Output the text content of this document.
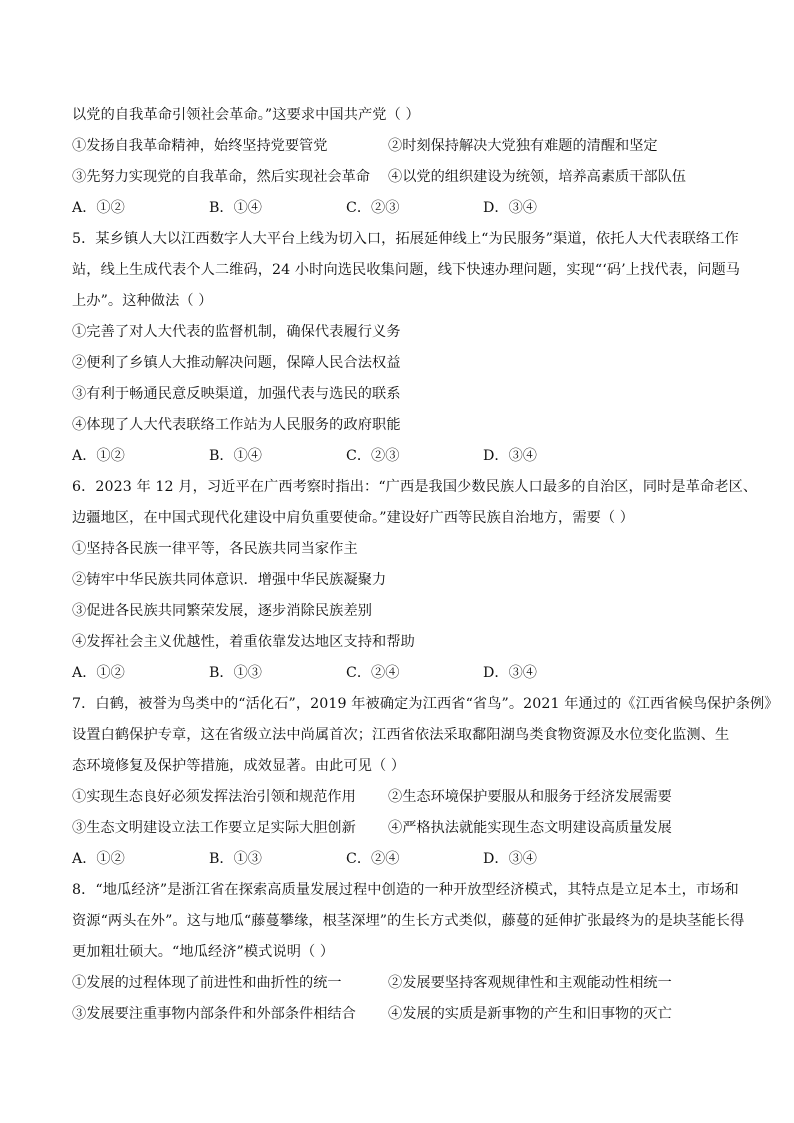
以党的自我革命引领社会革命。”这要求中国共产党（ ）
①发扬自我革命精神，始终坚持党要管党	②时刻保持解决大党独有难题的清醒和坚定
③先努力实现党的自我革命，然后实现社会革命	④以党的组织建设为统领，培养高素质干部队伍
A．①②	B．①④	C．②③	D．③④
5．某乡镇人大以江西数字人大平台上线为切入口，拓展延伸线上“为民服务”渠道，依托人大代表联络工作
站，线上生成代表个人二维码，24 小时向选民收集问题，线下快速办理问题，实现“‘码’上找代表，问题马
上办”。这种做法（ ）
①完善了对人大代表的监督机制，确保代表履行义务
②便利了乡镇人大推动解决问题，保障人民合法权益
③有利于畅通民意反映渠道，加强代表与选民的联系
④体现了人大代表联络工作站为人民服务的政府职能
A．①②	B．①④	C．②③	D．③④
6．2023 年 12 月，习近平在广西考察时指出：“广西是我国少数民族人口最多的自治区，同时是革命老区、
边疆地区，在中国式现代化建设中肩负重要使命。”建设好广西等民族自治地方，需要（ ）
①坚持各民族一律平等，各民族共同当家作主
②铸牢中华民族共同体意识．增强中华民族凝聚力
③促进各民族共同繁荣发展，逐步消除民族差别
④发挥社会主义优越性，着重依靠发达地区支持和帮助
A．①②	B．①③	C．②④	D．③④
7．白鹤，被誉为鸟类中的“活化石”，2019 年被确定为江西省“省鸟”。2021 年通过的《江西省候鸟保护条例》
设置白鹤保护专章，这在省级立法中尚属首次；江西省依法采取鄱阳湖鸟类食物资源及水位变化监测、生
态环境修复及保护等措施，成效显著。由此可见（ ）
①实现生态良好必须发挥法治引领和规范作用	②生态环境保护要服从和服务于经济发展需要
③生态文明建设立法工作要立足实际大胆创新	④严格执法就能实现生态文明建设高质量发展
A．①②	B．①③	C．②④	D．③④
8．“地瓜经济”是浙江省在探索高质量发展过程中创造的一种开放型经济模式，其特点是立足本土，市场和
资源“两头在外”。这与地瓜“藤蔓攀缘，根茎深埋”的生长方式类似，藤蔓的延伸扩张最终为的是块茎能长得
更加粗壮硕大。“地瓜经济”模式说明（ ）
①发展的过程体现了前进性和曲折性的统一	②发展要坚持客观规律性和主观能动性相统一
③发展要注重事物内部条件和外部条件相结合	④发展的实质是新事物的产生和旧事物的灭亡
